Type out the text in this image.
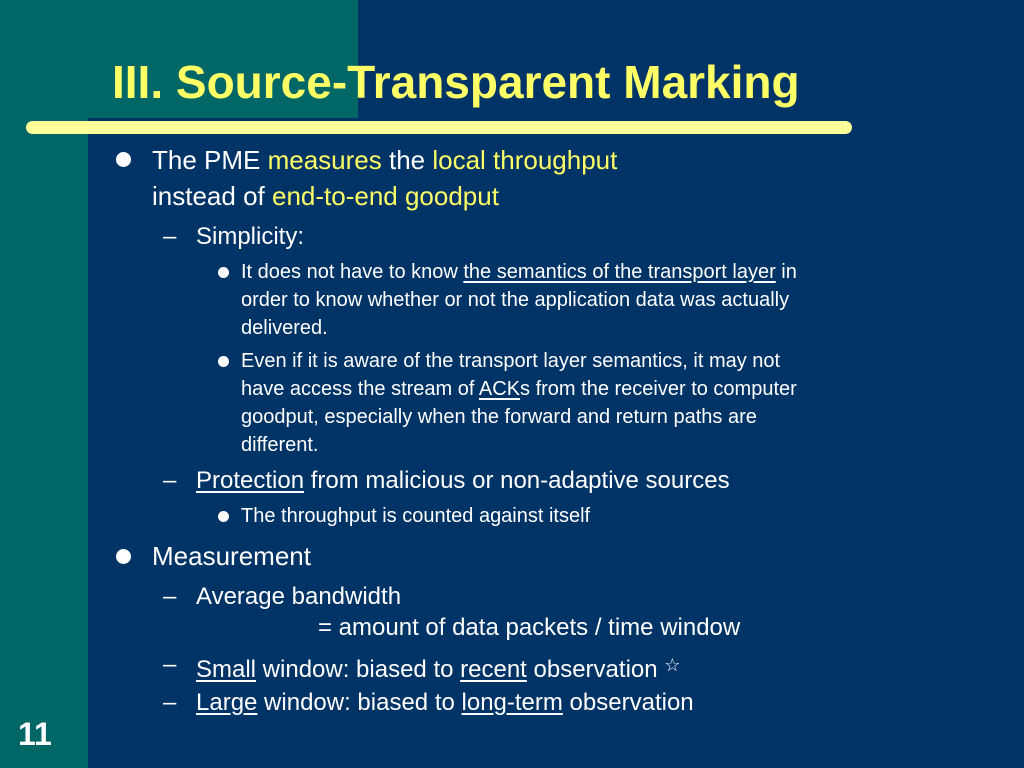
III. Source-Transparent Marking
The PME measures the local throughput
instead of end-to-end goodput
– Simplicity:
It does not have to know the semantics of the transport layer in
order to know whether or not the application data was actually
delivered.
Even if it is aware of the transport layer semantics, it may not
have access the stream of ACKs from the receiver to computer
goodput, especially when the forward and return paths are
different.
– Protection from malicious or non-adaptive sources
The throughput is counted against itself
Measurement
– Average bandwidth
= amount of data packets / time window
– Small window: biased to recent observation ☆
– Large window: biased to long-term observation
11
